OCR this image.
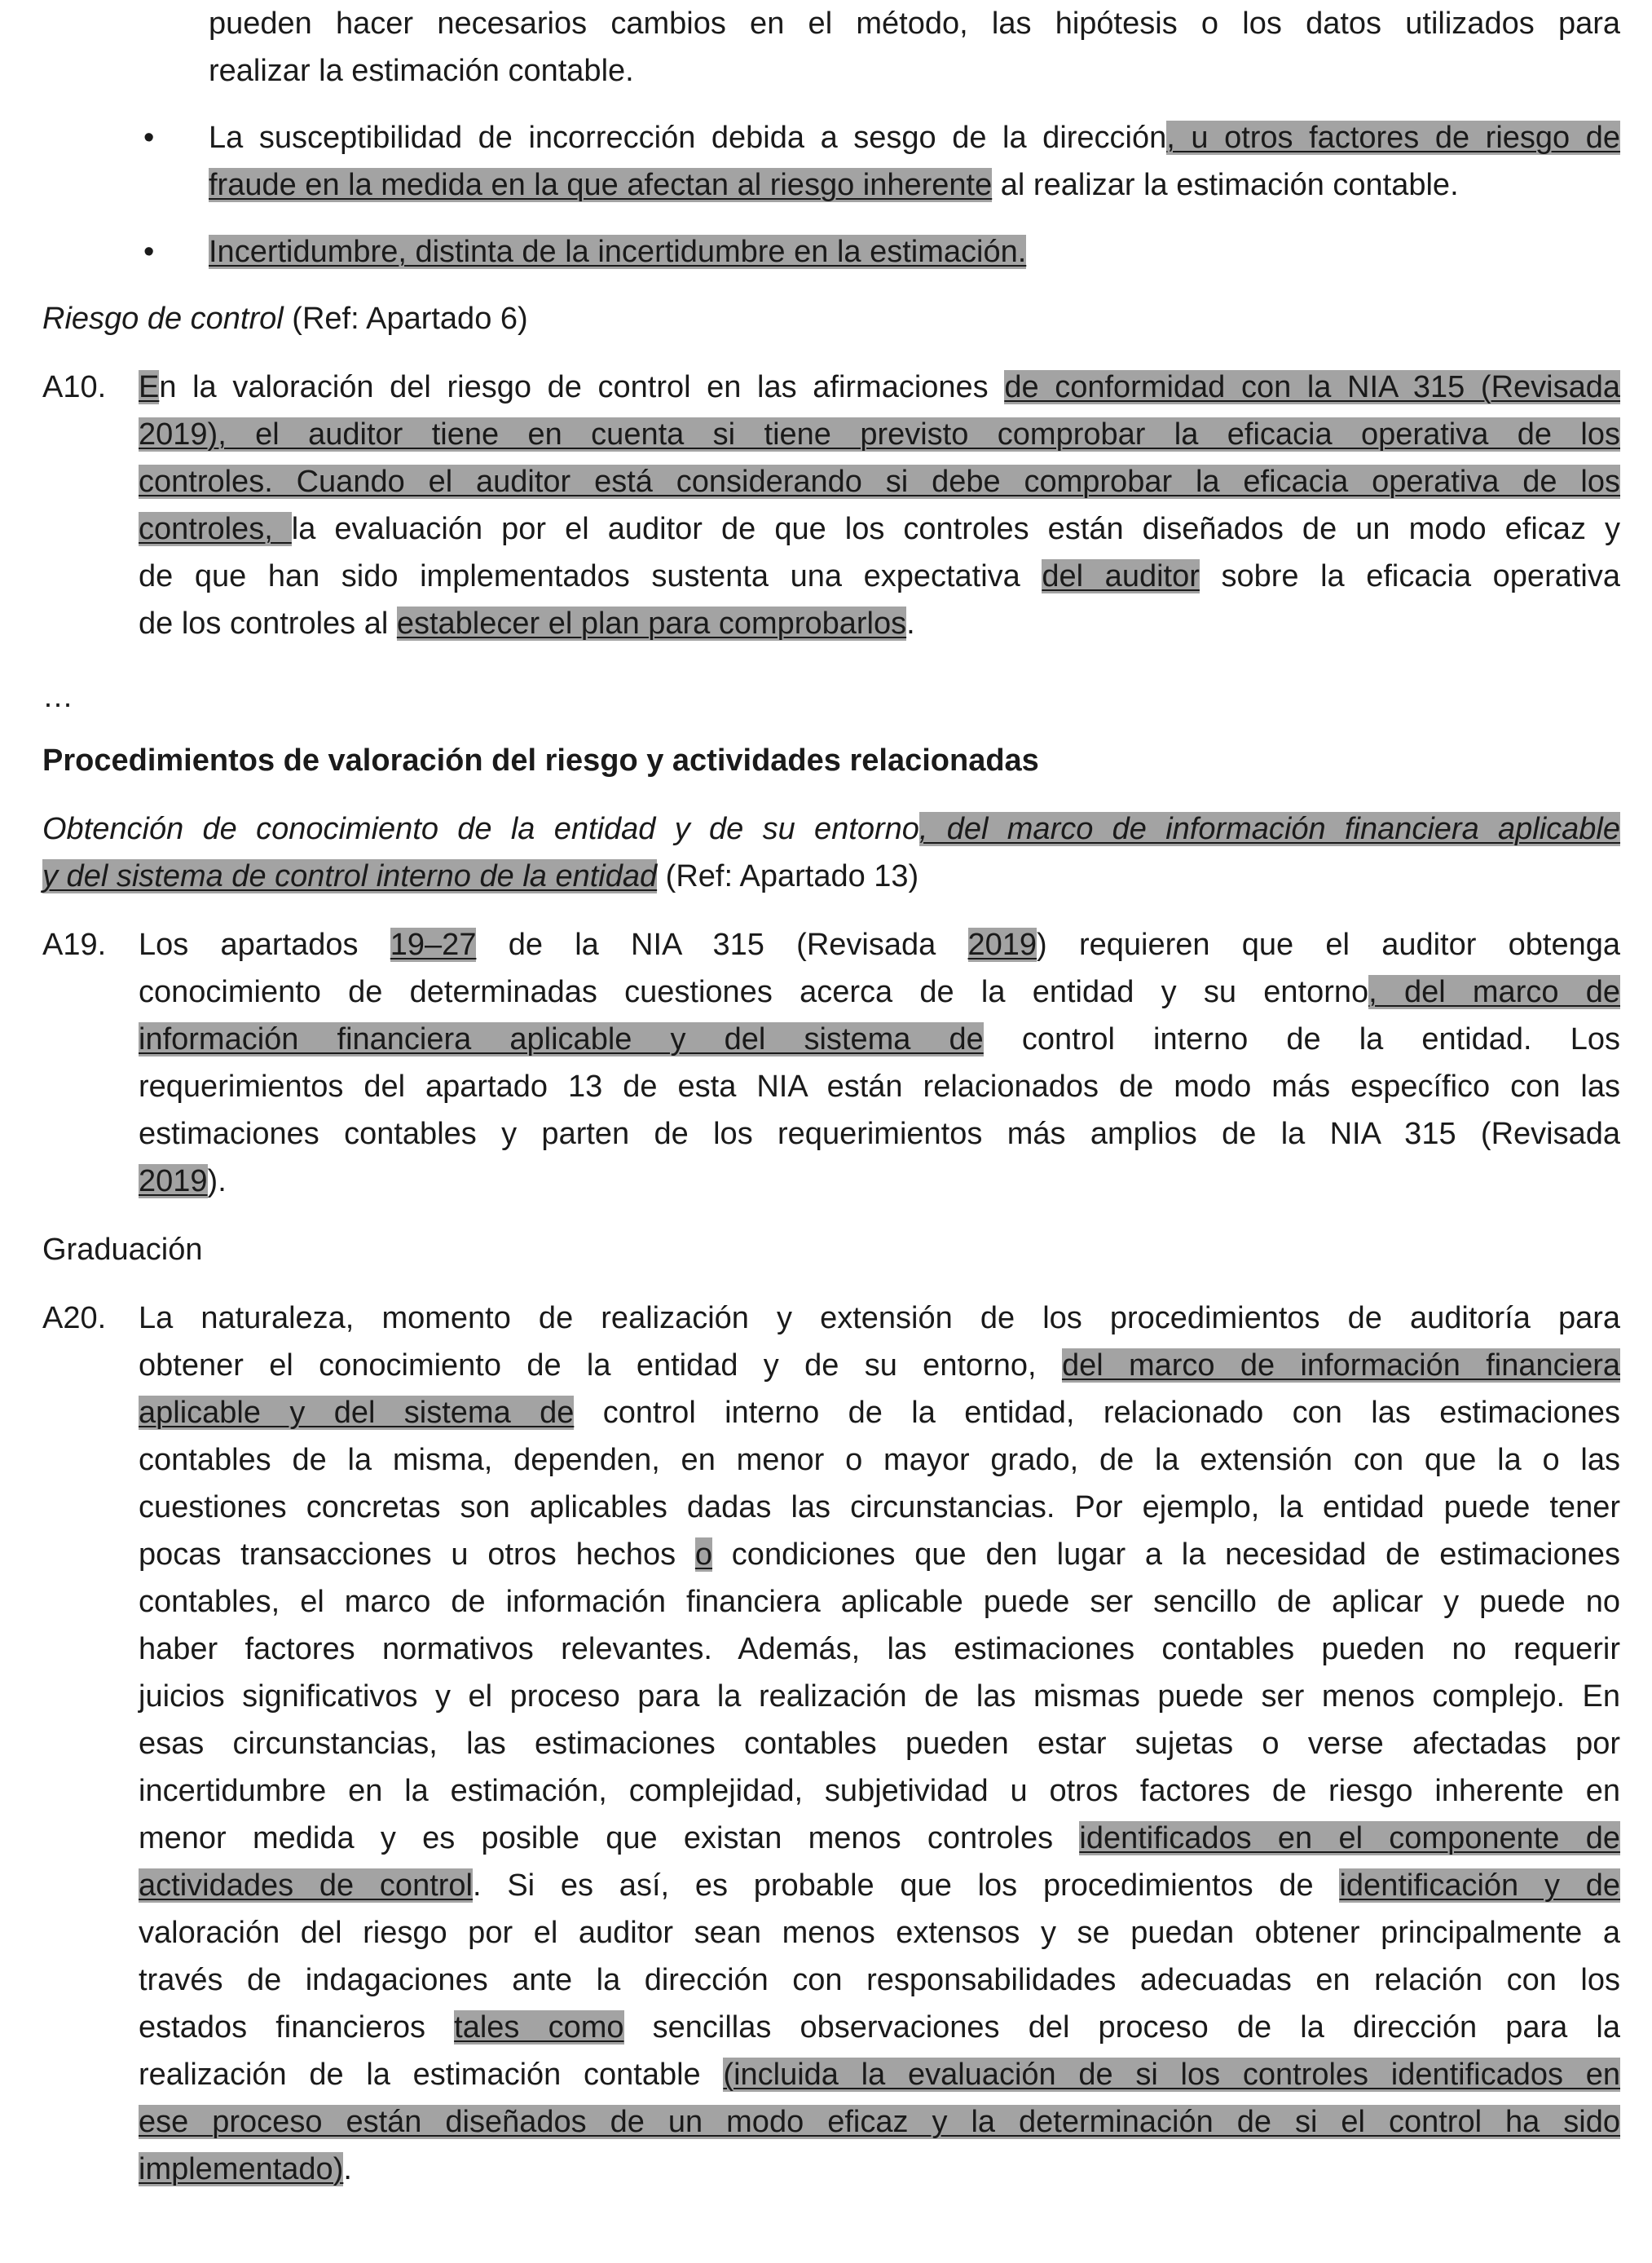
pueden hacer necesarios cambios en el método, las hipótesis o los datos utilizados para
realizar la estimación contable.
• La susceptibilidad de incorrección debida a sesgo de la dirección, u otros factores de riesgo de
fraude en la medida en la que afectan al riesgo inherente al realizar la estimación contable.
• Incertidumbre, distinta de la incertidumbre en la estimación.
Riesgo de control (Ref: Apartado 6)
A10. En la valoración del riesgo de control en las afirmaciones de conformidad con la NIA 315 (Revisada
2019), el auditor tiene en cuenta si tiene previsto comprobar la eficacia operativa de los
controles. Cuando el auditor está considerando si debe comprobar la eficacia operativa de los
controles, la evaluación por el auditor de que los controles están diseñados de un modo eficaz y
de que han sido implementados sustenta una expectativa del auditor sobre la eficacia operativa
de los controles al establecer el plan para comprobarlos.
…
Procedimientos de valoración del riesgo y actividades relacionadas
Obtención de conocimiento de la entidad y de su entorno, del marco de información financiera aplicable
y del sistema de control interno de la entidad (Ref: Apartado 13)
A19. Los apartados 19–27 de la NIA 315 (Revisada 2019) requieren que el auditor obtenga
conocimiento de determinadas cuestiones acerca de la entidad y su entorno, del marco de
información financiera aplicable y del sistema de control interno de la entidad. Los
requerimientos del apartado 13 de esta NIA están relacionados de modo más específico con las
estimaciones contables y parten de los requerimientos más amplios de la NIA 315 (Revisada
2019).
Graduación
A20. La naturaleza, momento de realización y extensión de los procedimientos de auditoría para
obtener el conocimiento de la entidad y de su entorno, del marco de información financiera
aplicable y del sistema de control interno de la entidad, relacionado con las estimaciones
contables de la misma, dependen, en menor o mayor grado, de la extensión con que la o las
cuestiones concretas son aplicables dadas las circunstancias. Por ejemplo, la entidad puede tener
pocas transacciones u otros hechos o condiciones que den lugar a la necesidad de estimaciones
contables, el marco de información financiera aplicable puede ser sencillo de aplicar y puede no
haber factores normativos relevantes. Además, las estimaciones contables pueden no requerir
juicios significativos y el proceso para la realización de las mismas puede ser menos complejo. En
esas circunstancias, las estimaciones contables pueden estar sujetas o verse afectadas por
incertidumbre en la estimación, complejidad, subjetividad u otros factores de riesgo inherente en
menor medida y es posible que existan menos controles identificados en el componente de
actividades de control. Si es así, es probable que los procedimientos de identificación y de
valoración del riesgo por el auditor sean menos extensos y se puedan obtener principalmente a
través de indagaciones ante la dirección con responsabilidades adecuadas en relación con los
estados financieros tales como sencillas observaciones del proceso de la dirección para la
realización de la estimación contable (incluida la evaluación de si los controles identificados en
ese proceso están diseñados de un modo eficaz y la determinación de si el control ha sido
implementado).
